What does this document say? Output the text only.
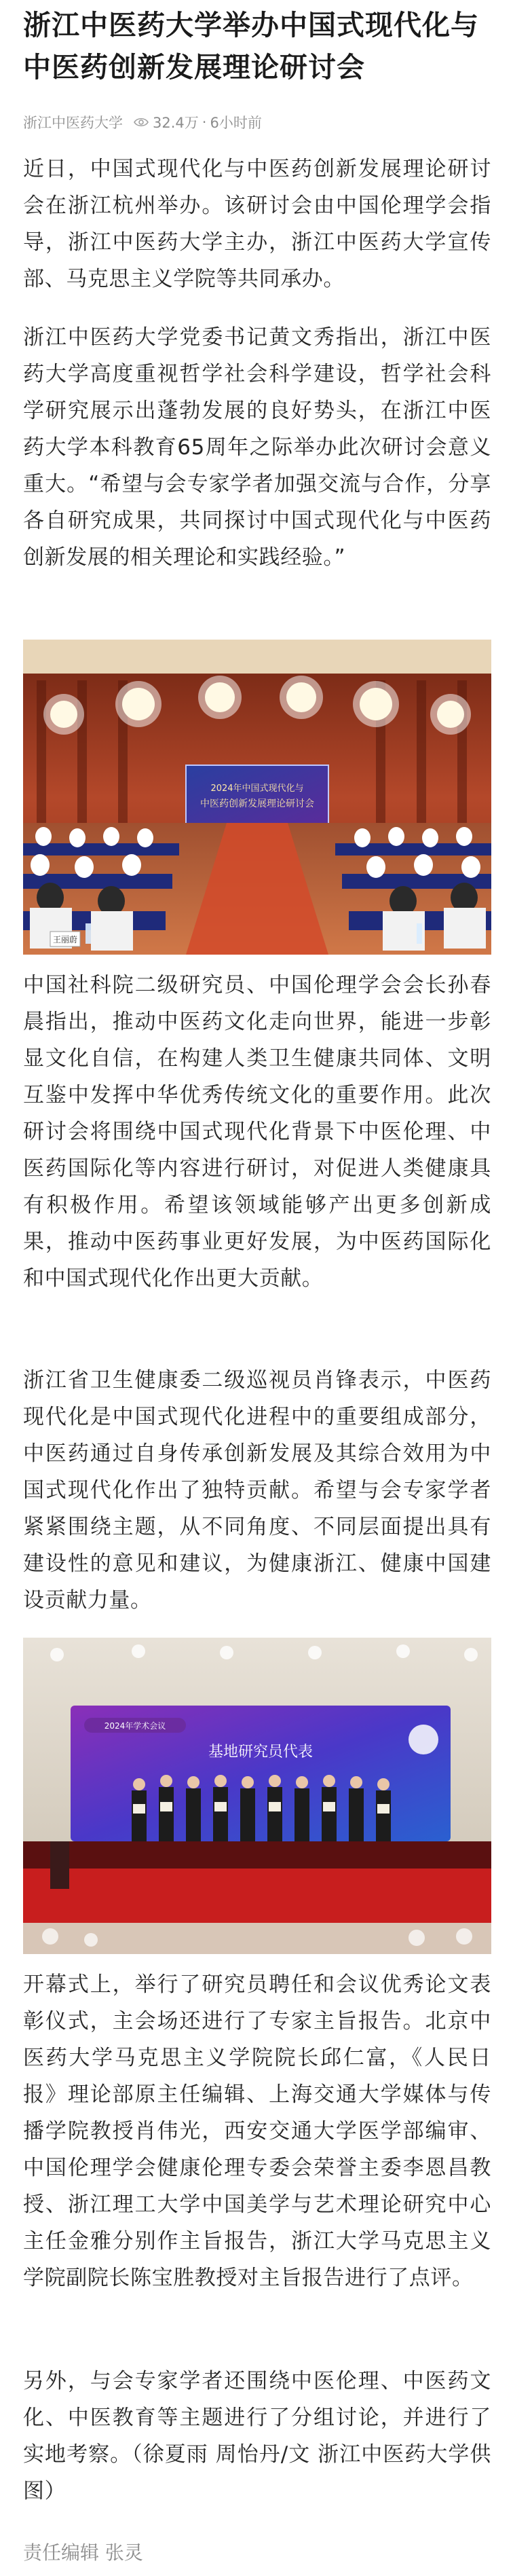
浙江中医药大学举办中国式现代化与中医药创新发展理论研讨会
浙江中医药大学 32.4万 · 6小时前

近日，中国式现代化与中医药创新发展理论研讨会在浙江杭州举办。该研讨会由中国伦理学会指导，浙江中医药大学主办，浙江中医药大学宣传部、马克思主义学院等共同承办。

浙江中医药大学党委书记黄文秀指出，浙江中医药大学高度重视哲学社会科学建设，哲学社会科学研究展示出蓬勃发展的良好势头，在浙江中医药大学本科教育65周年之际举办此次研讨会意义重大。“希望与会专家学者加强交流与合作，分享各自研究成果，共同探讨中国式现代化与中医药创新发展的相关理论和实践经验。”

2024年中国式现代化与
中医药创新发展理论研讨会
王丽蔚

中国社科院二级研究员、中国伦理学会会长孙春晨指出，推动中医药文化走向世界，能进一步彰显文化自信，在构建人类卫生健康共同体、文明互鉴中发挥中华优秀传统文化的重要作用。此次研讨会将围绕中国式现代化背景下中医伦理、中医药国际化等内容进行研讨，对促进人类健康具有积极作用。希望该领域能够产出更多创新成果，推动中医药事业更好发展，为中医药国际化和中国式现代化作出更大贡献。

浙江省卫生健康委二级巡视员肖锋表示，中医药现代化是中国式现代化进程中的重要组成部分，中医药通过自身传承创新发展及其综合效用为中国式现代化作出了独特贡献。希望与会专家学者紧紧围绕主题，从不同角度、不同层面提出具有建设性的意见和建议，为健康浙江、健康中国建设贡献力量。

2024年学术会议
基地研究员代表

开幕式上，举行了研究员聘任和会议优秀论文表彰仪式，主会场还进行了专家主旨报告。北京中医药大学马克思主义学院院长邱仁富，《人民日报》理论部原主任编辑、上海交通大学媒体与传播学院教授肖伟光，西安交通大学医学部编审、中国伦理学会健康伦理专委会荣誉主委李恩昌教授、浙江理工大学中国美学与艺术理论研究中心主任金雅分别作主旨报告，浙江大学马克思主义学院副院长陈宝胜教授对主旨报告进行了点评。

另外，与会专家学者还围绕中医伦理、中医药文化、中医教育等主题进行了分组讨论，并进行了实地考察。（徐夏雨 周怡丹/文 浙江中医药大学供图）

责任编辑 张灵
